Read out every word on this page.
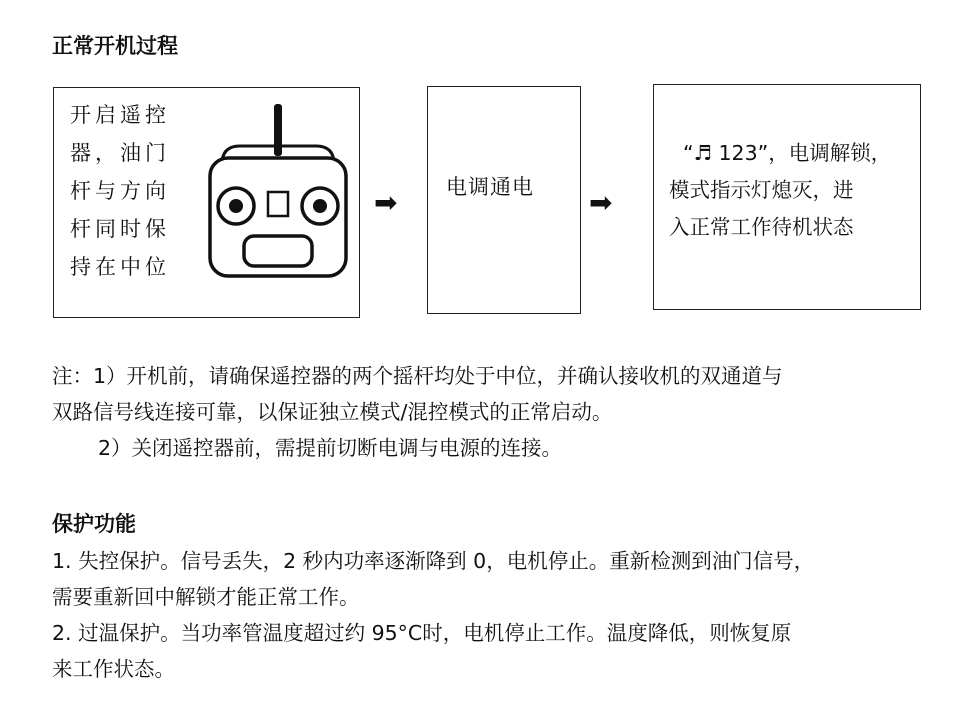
正常开机过程
开启遥控
器，油门
杆与方向
杆同时保
持在中位
➡ 电调通电 ➡
“♬ 123”，电调解锁，
模式指示灯熄灭，进
入正常工作待机状态
注：1）开机前，请确保遥控器的两个摇杆均处于中位，并确认接收机的双通道与
双路信号线连接可靠，以保证独立模式/混控模式的正常启动。
2）关闭遥控器前，需提前切断电调与电源的连接。
保护功能
1. 失控保护。信号丢失，2 秒内功率逐渐降到 0，电机停止。重新检测到油门信号，
需要重新回中解锁才能正常工作。
2. 过温保护。当功率管温度超过约 95°C时，电机停止工作。温度降低，则恢复原
来工作状态。
